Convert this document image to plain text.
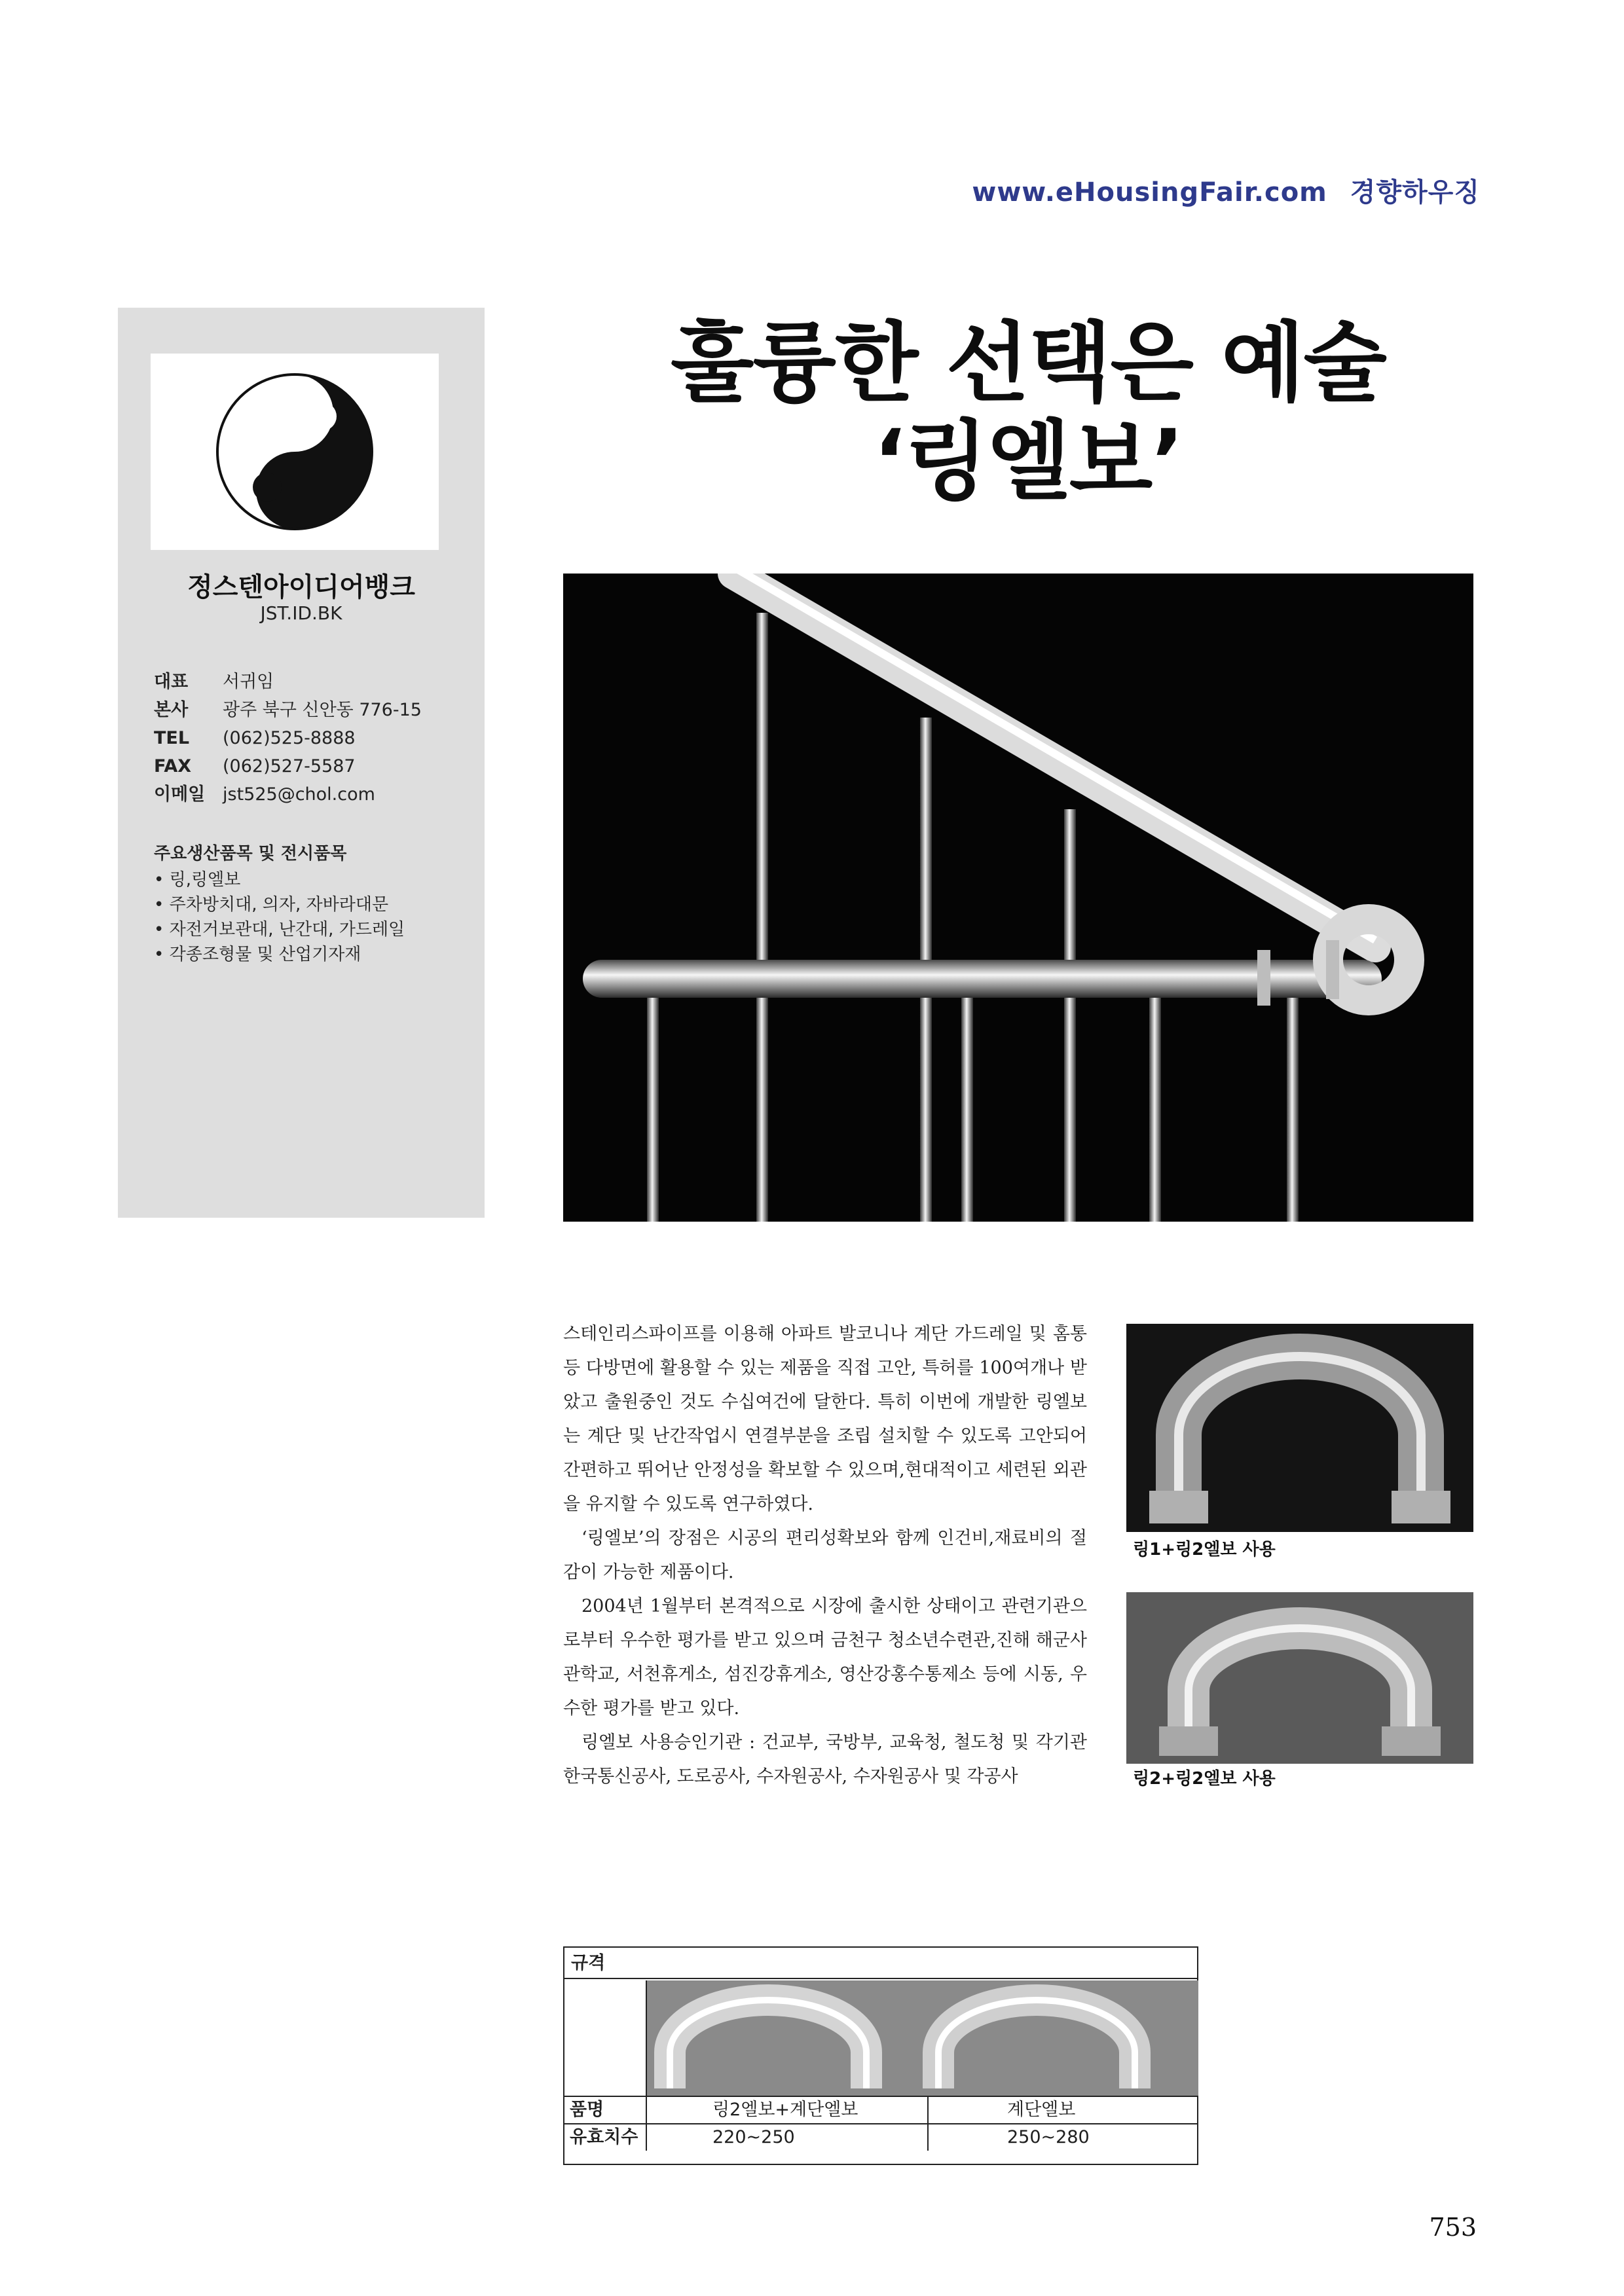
www.eHousingFair.com 경향하우징
정스텐아이디어뱅크
JST.ID.BK
대표	서귀임
본사	광주 북구 신안동 776-15
TEL	(062)525-8888
FAX	(062)527-5587
이메일 jst525@chol.com
주요생산품목 및 전시품목
• 링,링엘보
• 주차방치대, 의자, 자바라대문
• 자전거보관대, 난간대, 가드레일
• 각종조형물 및 산업기자재
훌륭한 선택은 예술
‘링엘보’

스테인리스파이프를 이용해 아파트 발코니나 계단 가드레일 및 홈통 등 다방면에 활용할 수 있는 제품을 직접 고안, 특허를 100여개나 받았고 출원중인 것도 수십여건에 달한다. 특히 이번에 개발한 링엘보는 계단 및 난간작업시 연결부분을 조립 설치할 수 있도록 고안되어 간편하고 뛰어난 안정성을 확보할 수 있으며,현대적이고 세련된 외관을 유지할 수 있도록 연구하였다.

‘링엘보’의 장점은 시공의 편리성확보와 함께 인건비,재료비의 절감이 가능한 제품이다.

2004년 1월부터 본격적으로 시장에 출시한 상태이고 관련기관으로부터 우수한 평가를 받고 있으며 금천구 청소년수련관,진해 해군사관학교, 서천휴게소, 섬진강휴게소, 영산강홍수통제소 등에 시동, 우수한 평가를 받고 있다.

링엘보 사용승인기관 : 건교부, 국방부, 교육청, 철도청 및 각기관 한국통신공사, 도로공사, 수자원공사, 수자원공사 및 각공사

링1+링2엘보 사용
링2+링2엘보 사용
규격
품명	링2엘보+계단엘보	계단엘보
유효치수	220~250	250~280
753
